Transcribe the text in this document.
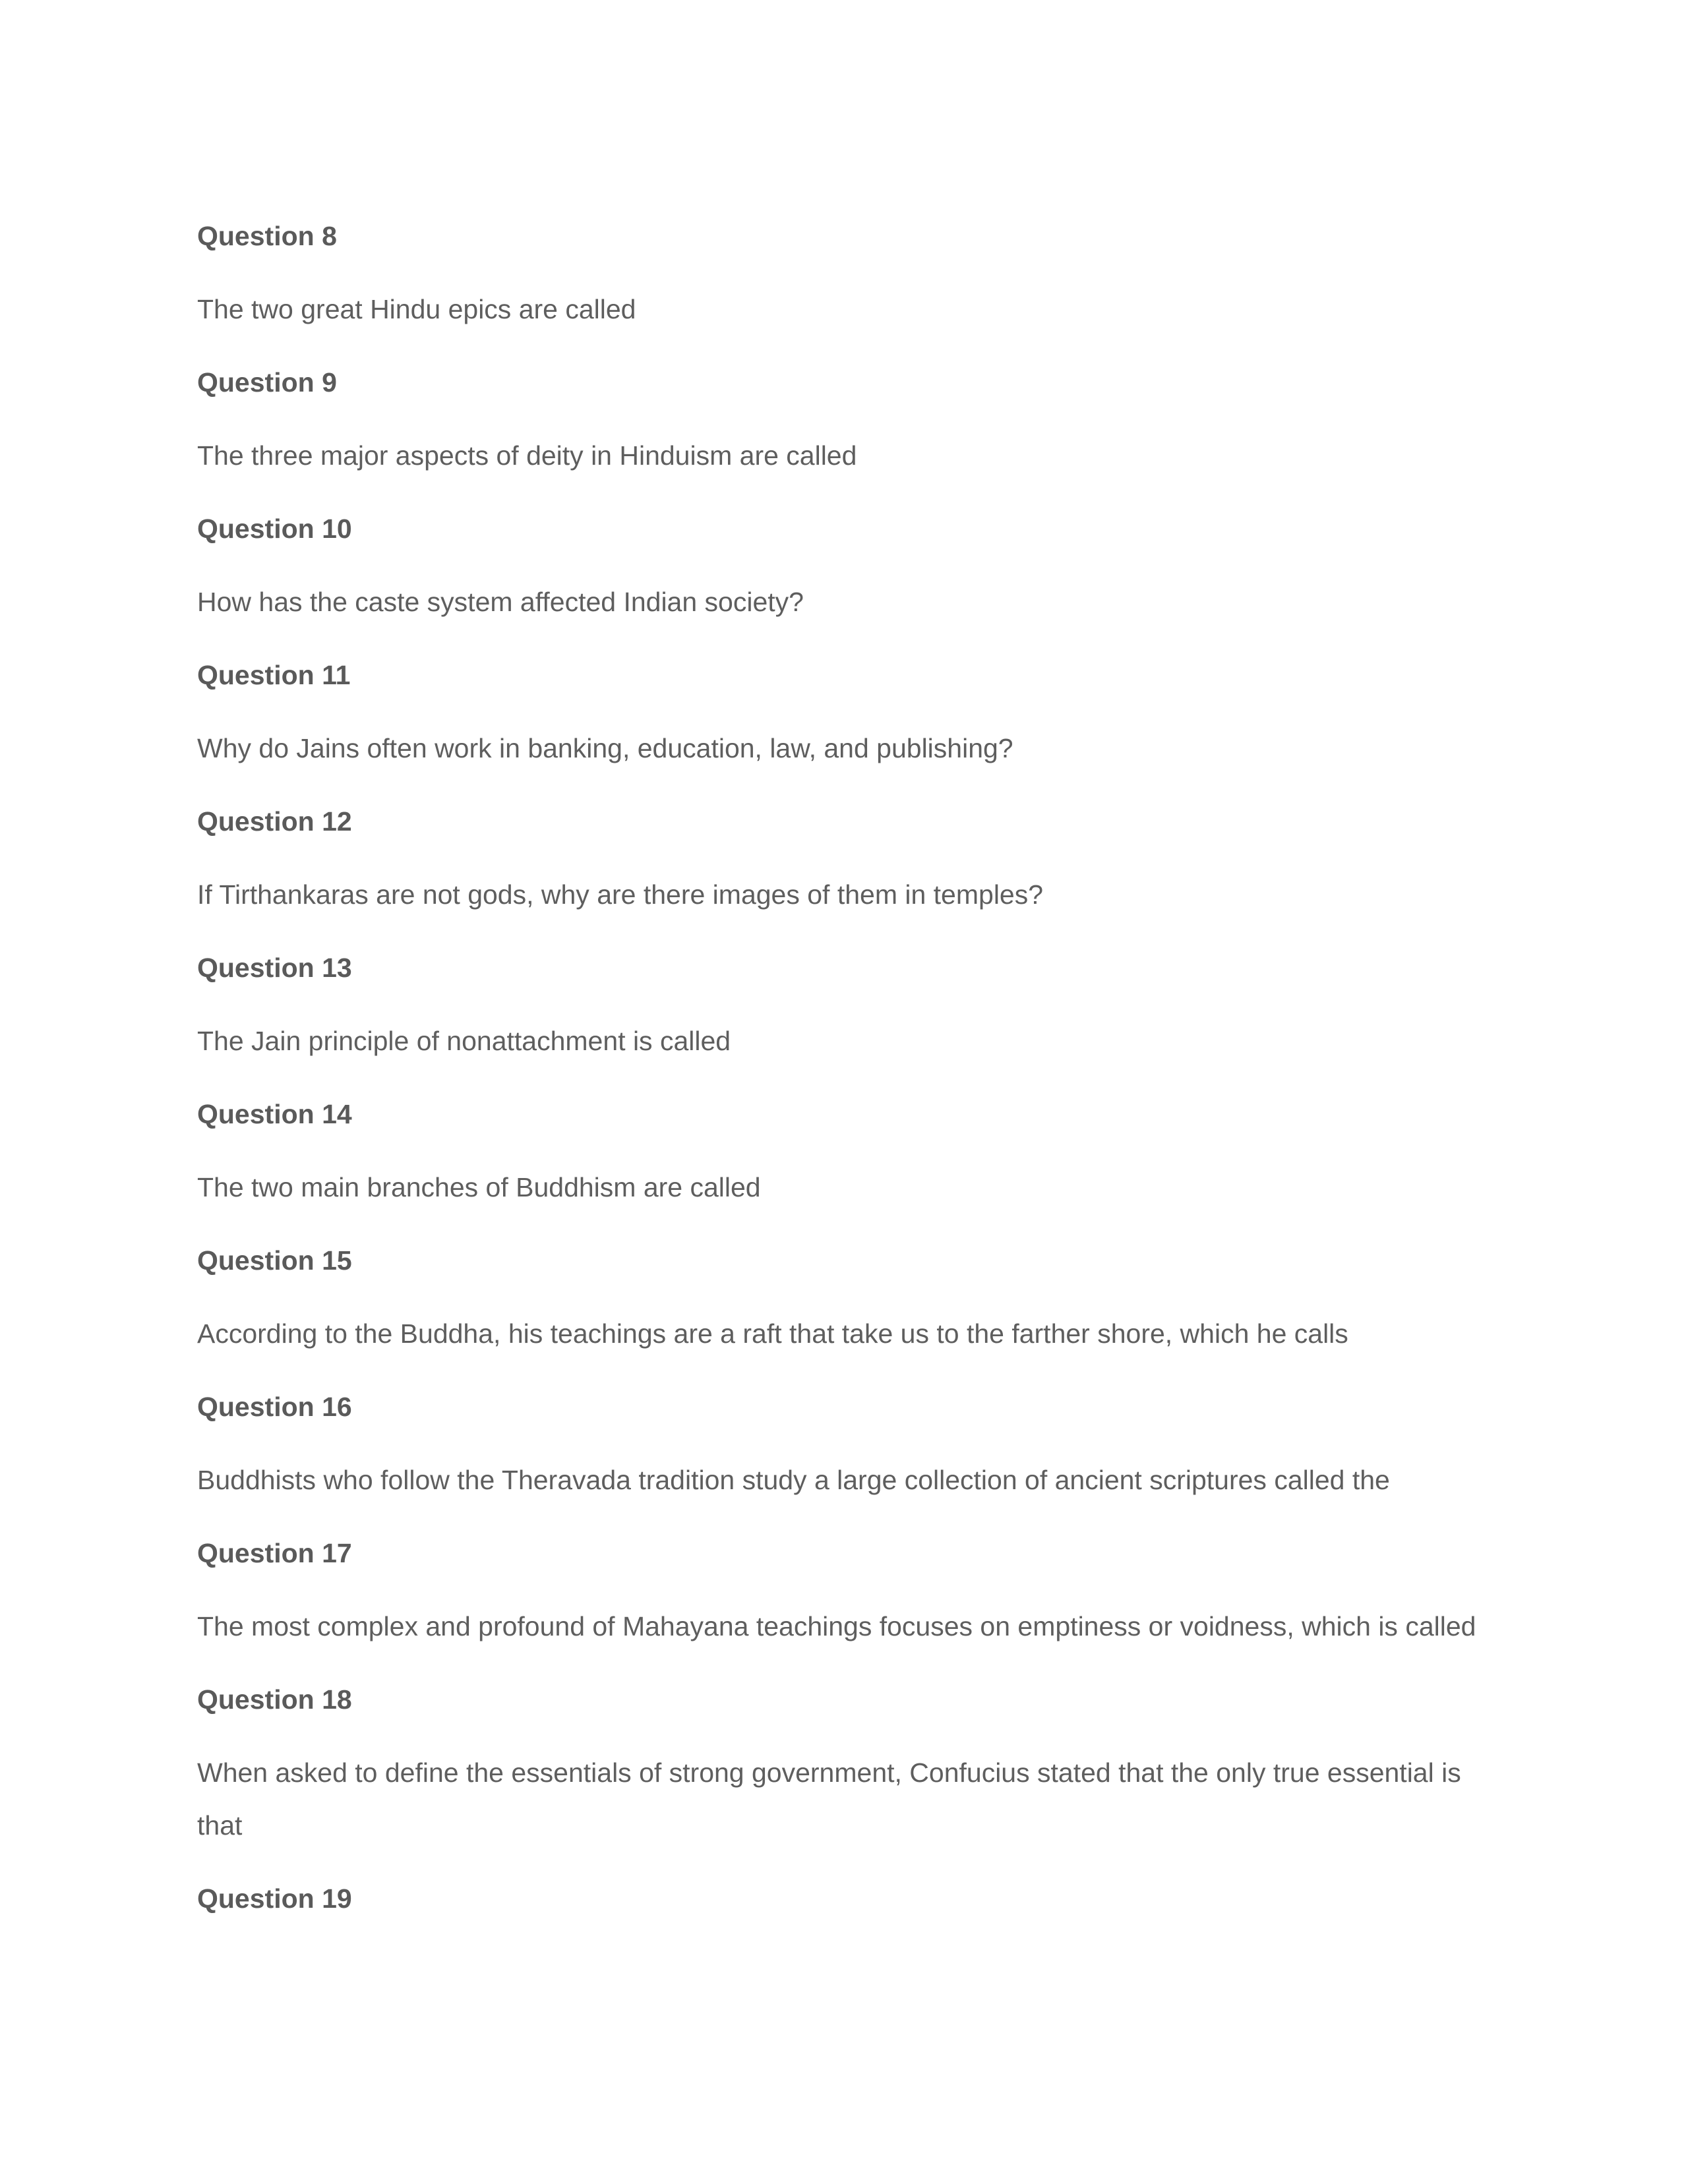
Question 8
The two great Hindu epics are called
Question 9
The three major aspects of deity in Hinduism are called
Question 10
How has the caste system affected Indian society?
Question 11
Why do Jains often work in banking, education, law, and publishing?
Question 12
If Tirthankaras are not gods, why are there images of them in temples?
Question 13
The Jain principle of nonattachment is called
Question 14
The two main branches of Buddhism are called
Question 15
According to the Buddha, his teachings are a raft that take us to the farther shore, which he calls
Question 16
Buddhists who follow the Theravada tradition study a large collection of ancient scriptures called the
Question 17
The most complex and profound of Mahayana teachings focuses on emptiness or voidness, which is called
Question 18
When asked to define the essentials of strong government, Confucius stated that the only true essential is that
Question 19
